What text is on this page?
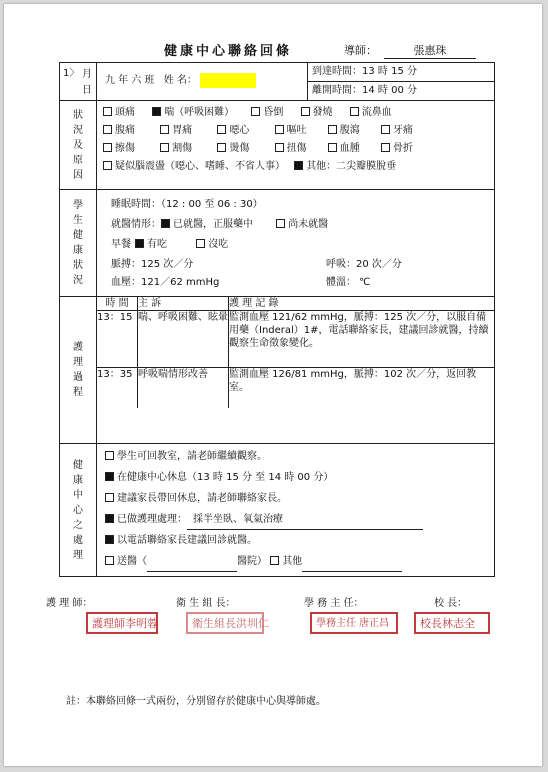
健康中心聯絡回條	導師：	張惠珠
1〉 月
日

九 年 六 班 姓 名：

到達時間：13 時 15 分
離開時間：14 時 00 分

狀
況
及
原
因

頭痛	喘（呼吸困難）	昏倒	發燒	流鼻血
腹痛	胃痛	噁心	嘔吐	腹瀉	牙痛
擦傷	割傷	燙傷	扭傷	血腫	骨折
疑似腦震盪（噁心、嗜睡、不省人事） 其他：二尖瓣膜脫垂

學
生
健
康
狀
況

睡眠時間：（12 : 00 至 06 : 30）
就醫情形： 已就醫，正服藥中	尚未就醫
早餐 有吃	沒吃
脈搏：125 次／分	呼吸：20 次／分
血壓：121／62 mmHg	體溫： ℃

護
理
過
程

時 間	主 訴	護 理 記 錄
13：15	喘、呼吸困難、眩暈	監測血壓 121/62 mmHg，脈搏：125 次／分，以服自備用藥（Inderal）1#，電話聯絡家長，建議回診就醫，持續觀察生命徵象變化。
13：35	呼吸喘情形改善	監測血壓 126/81 mmHg，脈搏：102 次／分，返回教室。

健
康
中
心
之
處
理

學生可回教室，請老師繼續觀察。
在健康中心休息（13 時 15 分 至 14 時 00 分）
建議家長帶回休息，請老師聯絡家長。
已做護理處理： 採半坐臥、氧氣治療
以電話聯絡家長建議回診就醫。
送醫（	醫院） 其他
護 理 師：	衛 生 組 長：	學 務 主 任：	校 長：
護理師李明蓉	衛生組長洪圳仁	學務主任 唐正昌	校長林志全
註：本聯絡回條一式兩份，分別留存於健康中心與導師處。
